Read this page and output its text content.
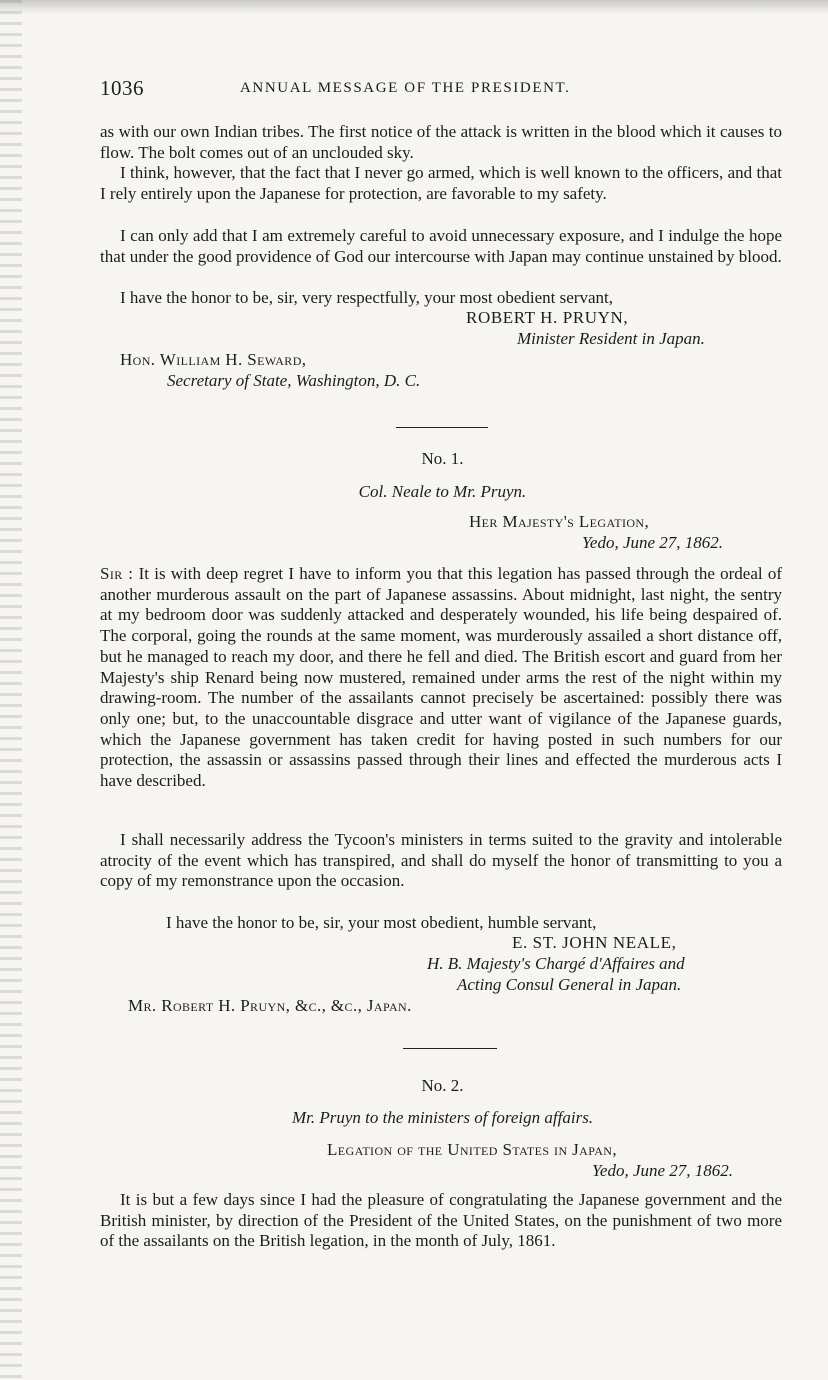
1036	ANNUAL MESSAGE OF THE PRESIDENT.

as with our own Indian tribes. The first notice of the attack is written in the blood which it causes to flow. The bolt comes out of an unclouded sky.

I think, however, that the fact that I never go armed, which is well known to the officers, and that I rely entirely upon the Japanese for protection, are favorable to my safety.

I can only add that I am extremely careful to avoid unnecessary exposure, and I indulge the hope that under the good providence of God our intercourse with Japan may continue unstained by blood.

I have the honor to be, sir, very respectfully, your most obedient servant,
ROBERT H. PRUYN,
Minister Resident in Japan.
Hon. William H. Seward,
Secretary of State, Washington, D. C.
No. 1.
Col. Neale to Mr. Pruyn.
Her Majesty's Legation,
Yedo, June 27, 1862.

Sir : It is with deep regret I have to inform you that this legation has passed through the ordeal of another murderous assault on the part of Japanese assassins. About midnight, last night, the sentry at my bedroom door was suddenly attacked and desperately wounded, his life being despaired of. The corporal, going the rounds at the same moment, was murderously assailed a short distance off, but he managed to reach my door, and there he fell and died. The British escort and guard from her Majesty's ship Renard being now mustered, remained under arms the rest of the night within my drawing-room. The number of the assailants cannot precisely be ascertained: possibly there was only one; but, to the unaccountable disgrace and utter want of vigilance of the Japanese guards, which the Japanese government has taken credit for having posted in such numbers for our protection, the assassin or assassins passed through their lines and effected the murderous acts I have described.

I shall necessarily address the Tycoon's ministers in terms suited to the gravity and intolerable atrocity of the event which has transpired, and shall do myself the honor of transmitting to you a copy of my remonstrance upon the occasion.

I have the honor to be, sir, your most obedient, humble servant,
E. ST. JOHN NEALE,
H. B. Majesty's Chargé d'Affaires and
Acting Consul General in Japan.
Mr. Robert H. Pruyn, &c., &c., Japan.
No. 2.
Mr. Pruyn to the ministers of foreign affairs.
Legation of the United States in Japan,
Yedo, June 27, 1862.

It is but a few days since I had the pleasure of congratulating the Japanese government and the British minister, by direction of the President of the United States, on the punishment of two more of the assailants on the British legation, in the month of July, 1861.
